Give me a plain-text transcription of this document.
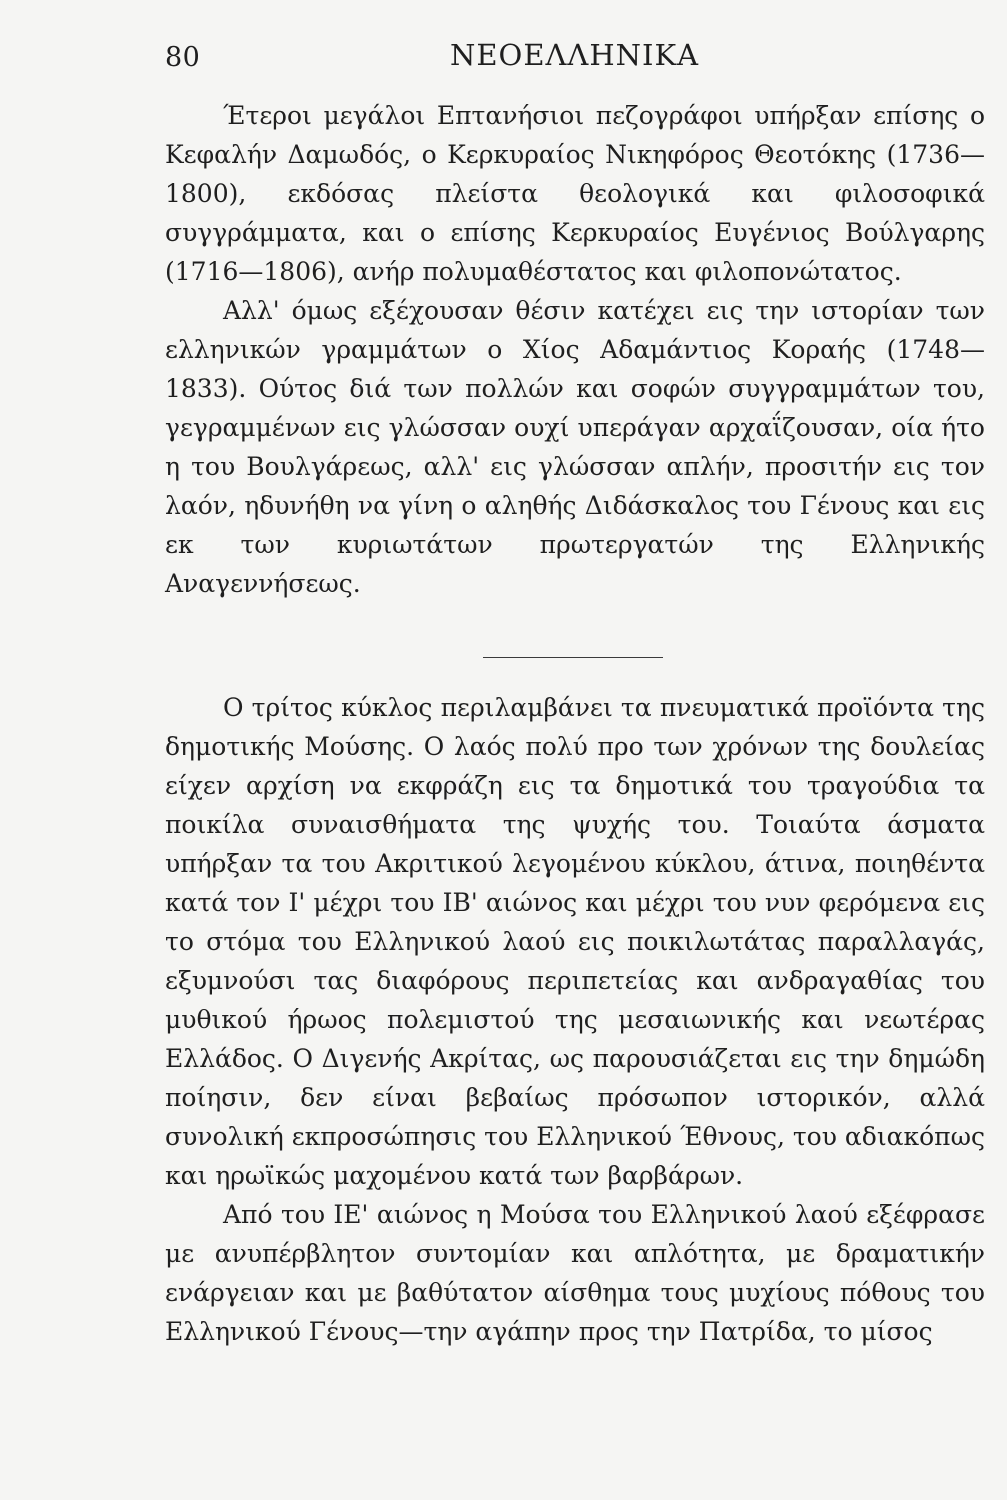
80	ΝΕΟΕΛΛΗΝΙΚΑ

Έτεροι μεγάλοι Επτανήσιοι πεζογράφοι υπήρξαν επίσης ο Κεφαλήν Δαμωδός, ο Κερκυραίος Νικηφόρος Θεοτόκης (1736—1800), εκδόσας πλείστα θεολογικά και φιλοσοφικά συγγράμματα, και ο επίσης Κερκυραίος Ευγένιος Βούλγαρης (1716—1806), ανήρ πολυμαθέστατος και φιλοπονώτατος.

Αλλ' όμως εξέχουσαν θέσιν κατέχει εις την ιστορίαν των ελληνικών γραμμάτων ο Χίος Αδαμάντιος Κοραής (1748—1833). Ούτος διά των πολλών και σοφών συγγραμμάτων του, γεγραμμένων εις γλώσσαν ουχί υπεράγαν αρχαΐζουσαν, οία ήτο η του Βουλγάρεως, αλλ' εις γλώσσαν απλήν, προσιτήν εις τον λαόν, ηδυνήθη να γίνη ο αληθής Διδάσκαλος του Γένους και εις εκ των κυριωτάτων πρωτεργατών της Ελληνικής Αναγεννήσεως.

Ο τρίτος κύκλος περιλαμβάνει τα πνευματικά προϊόντα της δημοτικής Μούσης. Ο λαός πολύ προ των χρόνων της δουλείας είχεν αρχίση να εκφράζη εις τα δημοτικά του τραγούδια τα ποικίλα συναισθήματα της ψυχής του. Τοιαύτα άσματα υπήρξαν τα του Ακριτικού λεγομένου κύκλου, άτινα, ποιηθέντα κατά τον Ι' μέχρι του ΙΒ' αιώνος και μέχρι του νυν φερόμενα εις το στόμα του Ελληνικού λαού εις ποικιλωτάτας παραλλαγάς, εξυμνούσι τας διαφόρους περιπετείας και ανδραγαθίας του μυθικού ήρωος πολεμιστού της μεσαιωνικής και νεωτέρας Ελλάδος. Ο Διγενής Ακρίτας, ως παρουσιάζεται εις την δημώδη ποίησιν, δεν είναι βεβαίως πρόσωπον ιστορικόν, αλλά συνολική εκπροσώπησις του Ελληνικού Έθνους, του αδιακόπως και ηρωϊκώς μαχομένου κατά των βαρβάρων.

Από του ΙΕ' αιώνος η Μούσα του Ελληνικού λαού εξέφρασε με ανυπέρβλητον συντομίαν και απλότητα, με δραματικήν ενάργειαν και με βαθύτατον αίσθημα τους μυχίους πόθους του Ελληνικού Γένους—την αγάπην προς την Πατρίδα, το μίσος
